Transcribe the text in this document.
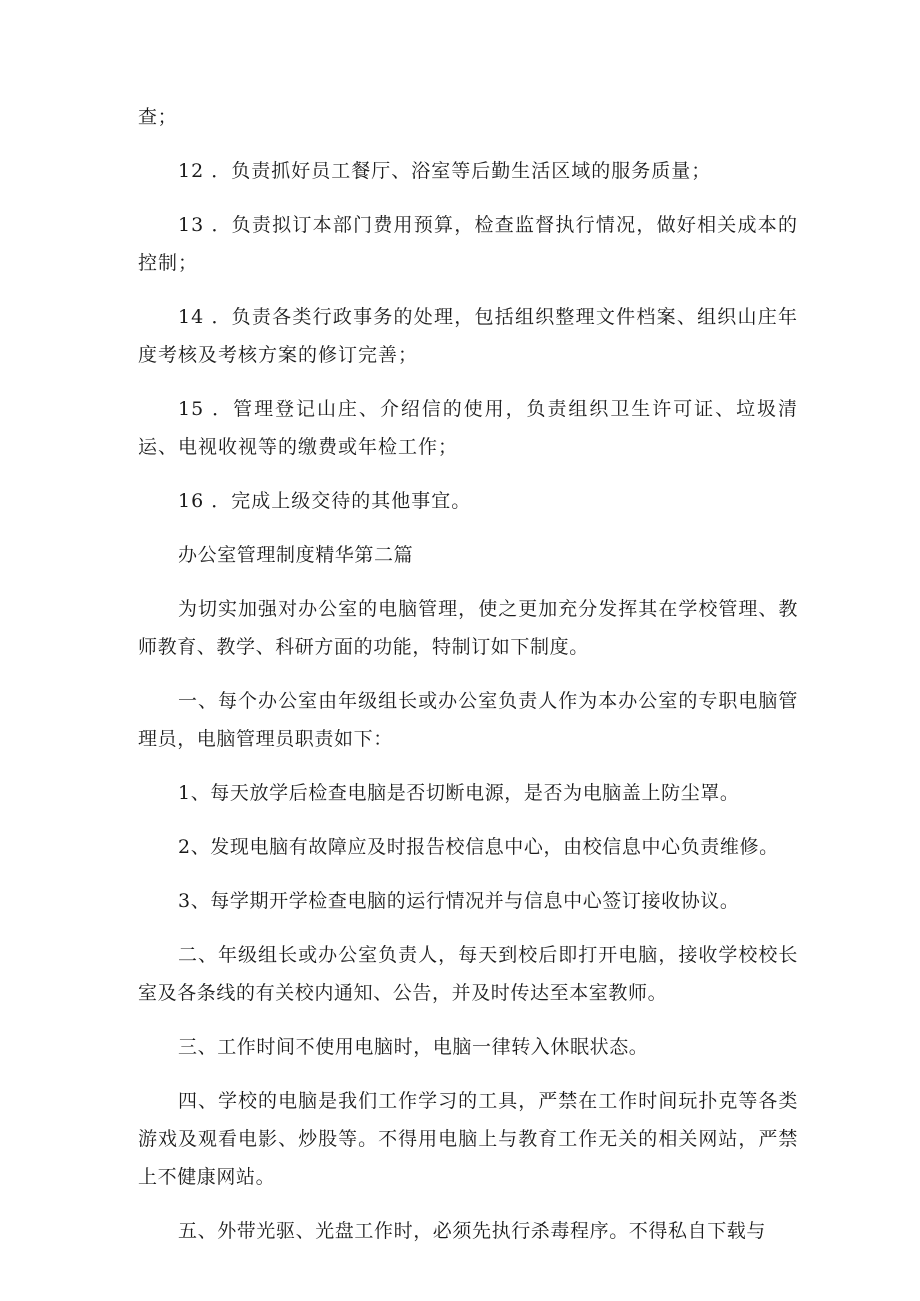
查；

12 ．负责抓好员工餐厅、浴室等后勤生活区域的服务质量；

13 ．负责拟订本部门费用预算，检查监督执行情况，做好相关成本的控制；

14 ．负责各类行政事务的处理，包括组织整理文件档案、组织山庄年度考核及考核方案的修订完善；

15 ．管理登记山庄、介绍信的使用，负责组织卫生许可证、垃圾清运、电视收视等的缴费或年检工作；

16 ．完成上级交待的其他事宜。

办公室管理制度精华第二篇

为切实加强对办公室的电脑管理，使之更加充分发挥其在学校管理、教师教育、教学、科研方面的功能，特制订如下制度。

一、每个办公室由年级组长或办公室负责人作为本办公室的专职电脑管理员，电脑管理员职责如下：

1、每天放学后检查电脑是否切断电源，是否为电脑盖上防尘罩。

2、发现电脑有故障应及时报告校信息中心，由校信息中心负责维修。

3、每学期开学检查电脑的运行情况并与信息中心签订接收协议。

二、年级组长或办公室负责人，每天到校后即打开电脑，接收学校校长室及各条线的有关校内通知、公告，并及时传达至本室教师。

三、工作时间不使用电脑时，电脑一律转入休眠状态。

四、学校的电脑是我们工作学习的工具，严禁在工作时间玩扑克等各类游戏及观看电影、炒股等。不得用电脑上与教育工作无关的相关网站，严禁上不健康网站。

五、外带光驱、光盘工作时，必须先执行杀毒程序。不得私自下载与
